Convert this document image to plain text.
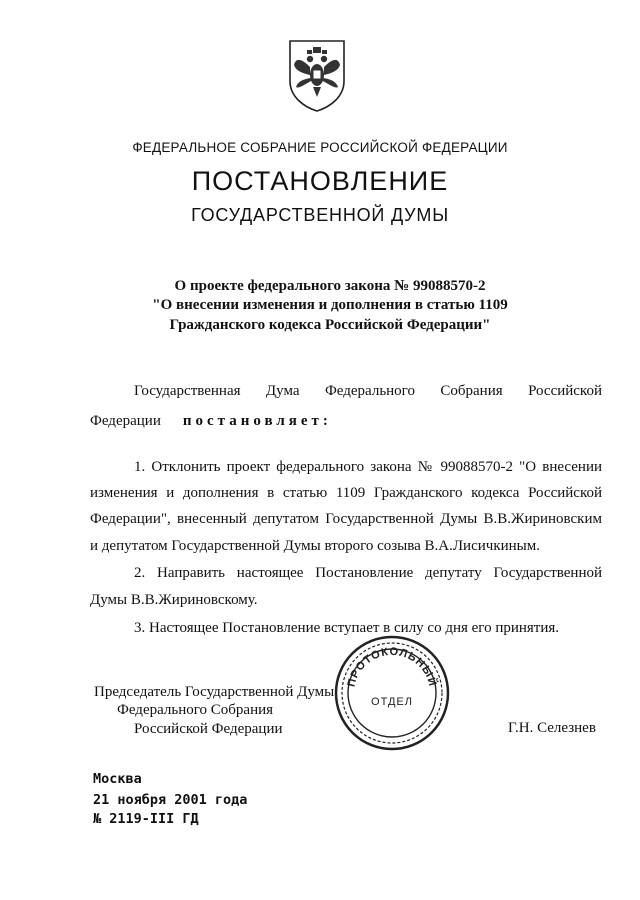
ФЕДЕРАЛЬНОЕ СОБРАНИЕ РОССИЙСКОЙ ФЕДЕРАЦИИ
ПОСТАНОВЛЕНИЕ
ГОСУДАРСТВЕННОЙ ДУМЫ
О проекте федерального закона № 99088570-2
"О внесении изменения и дополнения в статью 1109
Гражданского кодекса Российской Федерации"
Государственная Дума Федерального Собрания Российской
Федерации постановляет:
1. Отклонить проект федерального закона № 99088570-2 "О внесении
изменения и дополнения в статью 1109 Гражданского кодекса Российской
Федерации", внесенный депутатом Государственной Думы В.В.Жириновским
и депутатом Государственной Думы второго созыва В.А.Лисичкиным.
2. Направить настоящее Постановление депутату Государственной
Думы В.В.Жириновскому.
3. Настоящее Постановление вступает в силу со дня его принятия.
Председатель Государственной Думы
Федерального Собрания
Российской Федерации	Г.Н. Селезнев
ПРОТОКОЛЬНЫЙ
ОТДЕЛ
Москва
21 ноября 2001 года
№ 2119-III ГД
